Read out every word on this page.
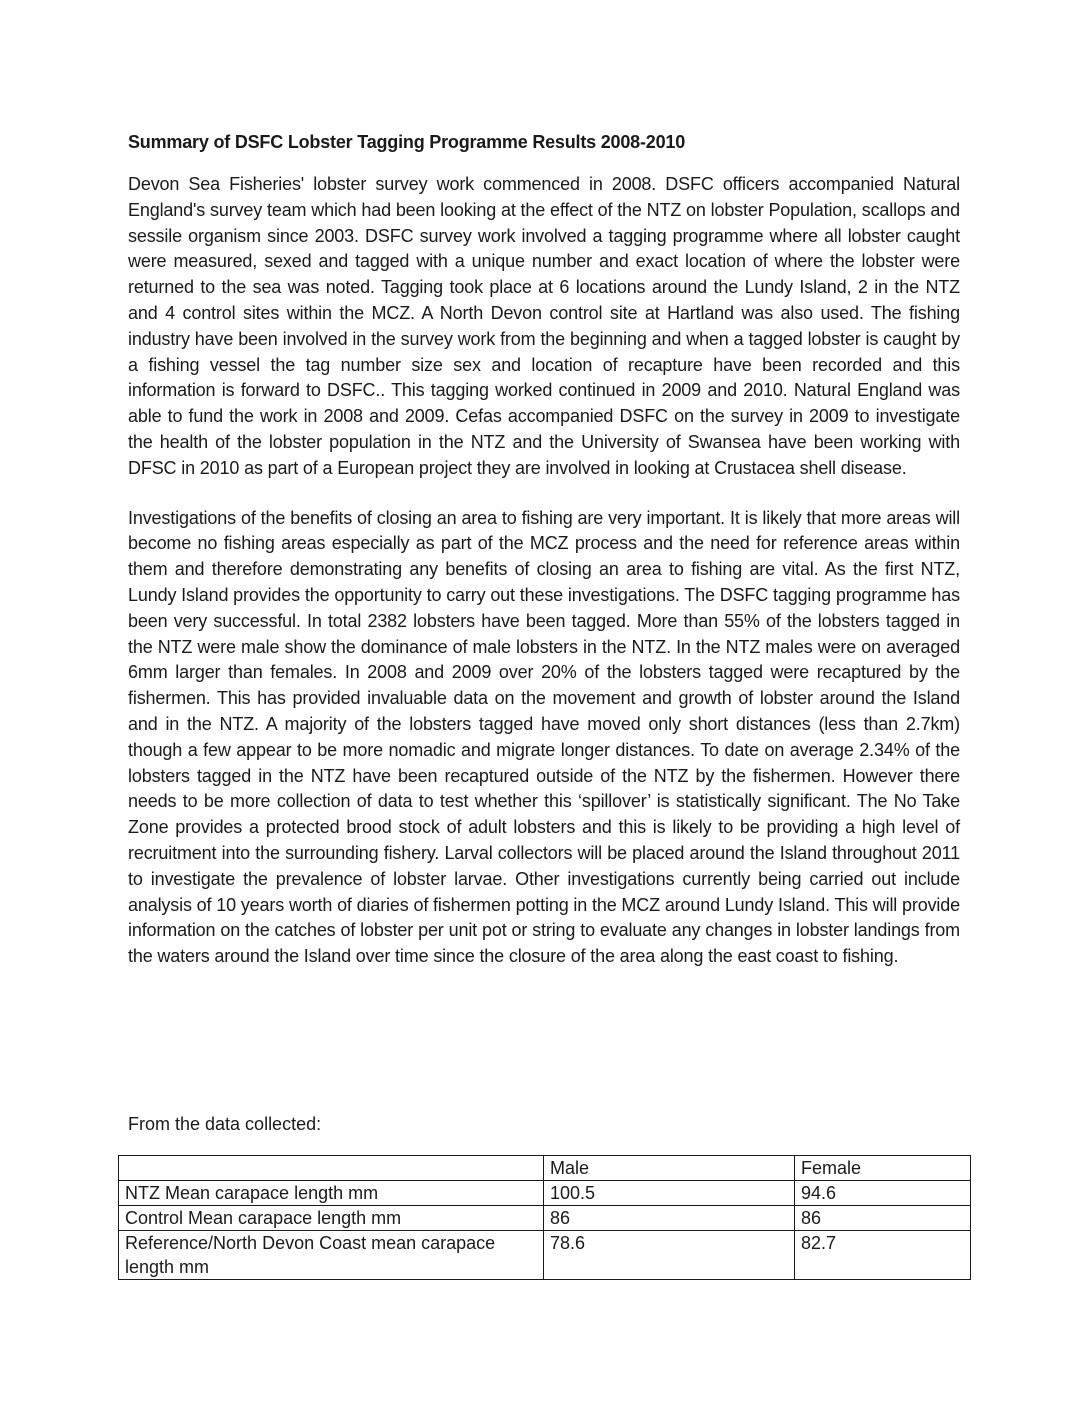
Summary of DSFC Lobster Tagging Programme Results 2008-2010

Devon Sea Fisheries' lobster survey work commenced in 2008. DSFC officers accompanied Natural England's survey team which had been looking at the effect of the NTZ on lobster Population, scallops and sessile organism since 2003. DSFC survey work involved a tagging programme where all lobster caught were measured, sexed and tagged with a unique number and exact location of where the lobster were returned to the sea was noted. Tagging took place at 6 locations around the Lundy Island, 2 in the NTZ and 4 control sites within the MCZ. A North Devon control site at Hartland was also used. The fishing industry have been involved in the survey work from the beginning and when a tagged lobster is caught by a fishing vessel the tag number size sex and location of recapture have been recorded and this information is forward to DSFC.. This tagging worked continued in 2009 and 2010. Natural England was able to fund the work in 2008 and 2009. Cefas accompanied DSFC on the survey in 2009 to investigate the health of the lobster population in the NTZ and the University of Swansea have been working with DFSC in 2010 as part of a European project they are involved in looking at Crustacea shell disease.

Investigations of the benefits of closing an area to fishing are very important. It is likely that more areas will become no fishing areas especially as part of the MCZ process and the need for reference areas within them and therefore demonstrating any benefits of closing an area to fishing are vital. As the first NTZ, Lundy Island provides the opportunity to carry out these investigations. The DSFC tagging programme has been very successful. In total 2382 lobsters have been tagged. More than 55% of the lobsters tagged in the NTZ were male show the dominance of male lobsters in the NTZ. In the NTZ males were on averaged 6mm larger than females. In 2008 and 2009 over 20% of the lobsters tagged were recaptured by the fishermen. This has provided invaluable data on the movement and growth of lobster around the Island and in the NTZ. A majority of the lobsters tagged have moved only short distances (less than 2.7km) though a few appear to be more nomadic and migrate longer distances. To date on average 2.34% of the lobsters tagged in the NTZ have been recaptured outside of the NTZ by the fishermen. However there needs to be more collection of data to test whether this ‘spillover’ is statistically significant. The No Take Zone provides a protected brood stock of adult lobsters and this is likely to be providing a high level of recruitment into the surrounding fishery. Larval collectors will be placed around the Island throughout 2011 to investigate the prevalence of lobster larvae. Other investigations currently being carried out include analysis of 10 years worth of diaries of fishermen potting in the MCZ around Lundy Island. This will provide information on the catches of lobster per unit pot or string to evaluate any changes in lobster landings from the waters around the Island over time since the closure of the area along the east coast to fishing.

From the data collected:
	Male	Female
NTZ Mean carapace length mm	100.5	94.6
Control Mean carapace length mm	86	86
Reference/North Devon Coast mean carapace length mm	78.6	82.7
